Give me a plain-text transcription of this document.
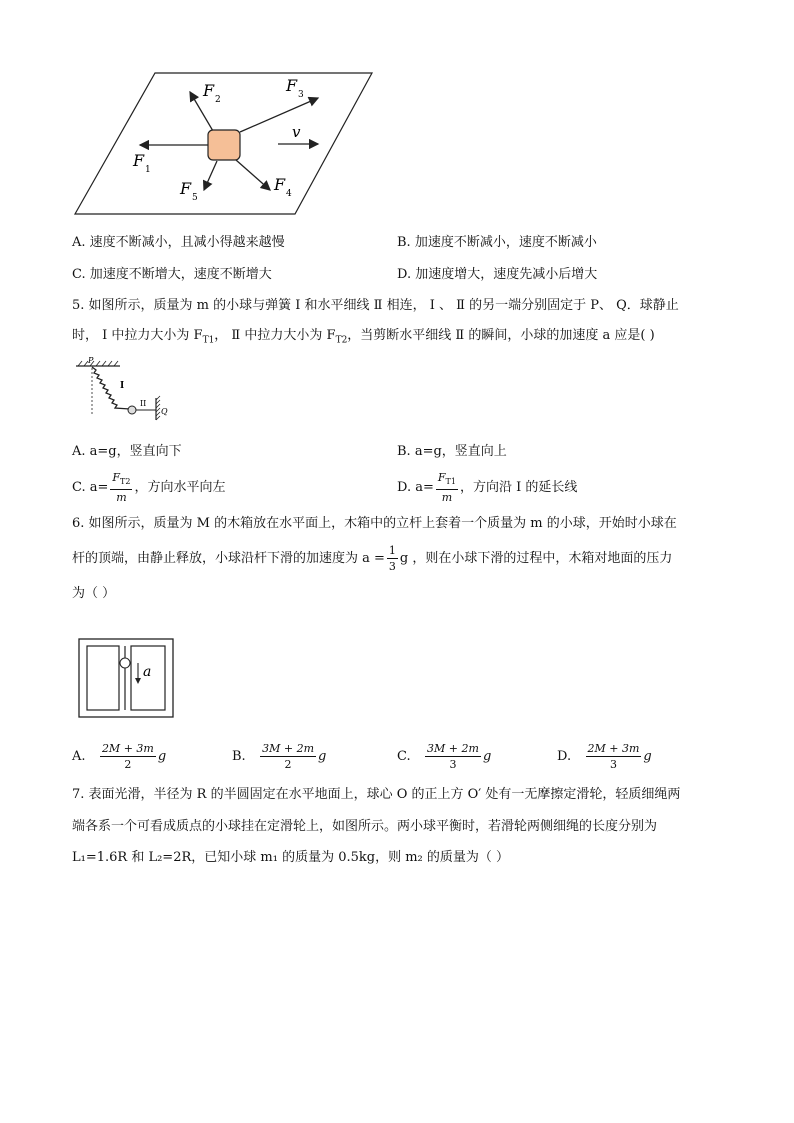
F 1
F 2
F 3
F 4
F 5
v
A. 速度不断减小，且减小得越来越慢	B. 加速度不断减小，速度不断减小
C. 加速度不断增大，速度不断增大	D. 加速度增大，速度先减小后增大
5. 如图所示，质量为 m 的小球与弹簧 Ⅰ 和水平细线 Ⅱ 相连， Ⅰ 、 Ⅱ 的另一端分别固定于 P、 Q．球静止
时， Ⅰ 中拉力大小为 $F_{T1}$， Ⅱ 中拉力大小为 $F_{T2}$，当剪断水平细线 Ⅱ 的瞬间，小球的加速度 a 应是( )
P
I
II
Q
A. a=g，竖直向下	B. a=g，竖直向上
C. $a= \frac{F_{T2}}{m}$ ，方向水平向左	D. $a= \frac{F_{T1}}{m}$ ，方向沿 Ⅰ 的延长线
6. 如图所示，质量为 M 的木箱放在水平面上，木箱中的立杆上套着一个质量为 m 的小球，开始时小球在
杆的顶端，由静止释放，小球沿杆下滑的加速度为 $a = \frac{1}{3}$ g ，则在小球下滑的过程中，木箱对地面的压力
为（ ）
a
A. $\frac{2M + 3m}{2}$ g	B. $\frac{3M + 2m}{2}$ g	C. $\frac{3M + 2m}{3}$ g	D. $\frac{2M + 3m}{3}$ g
7. 表面光滑，半径为 R 的半圆固定在水平地面上，球心 O 的正上方 O′ 处有一无摩擦定滑轮，轻质细绳两
端各系一个可看成质点的小球挂在定滑轮上，如图所示。两小球平衡时，若滑轮两侧细绳的长度分别为
L₁=1.6R 和 L₂=2R，已知小球 m₁ 的质量为 0.5kg，则 m₂ 的质量为（ ）
